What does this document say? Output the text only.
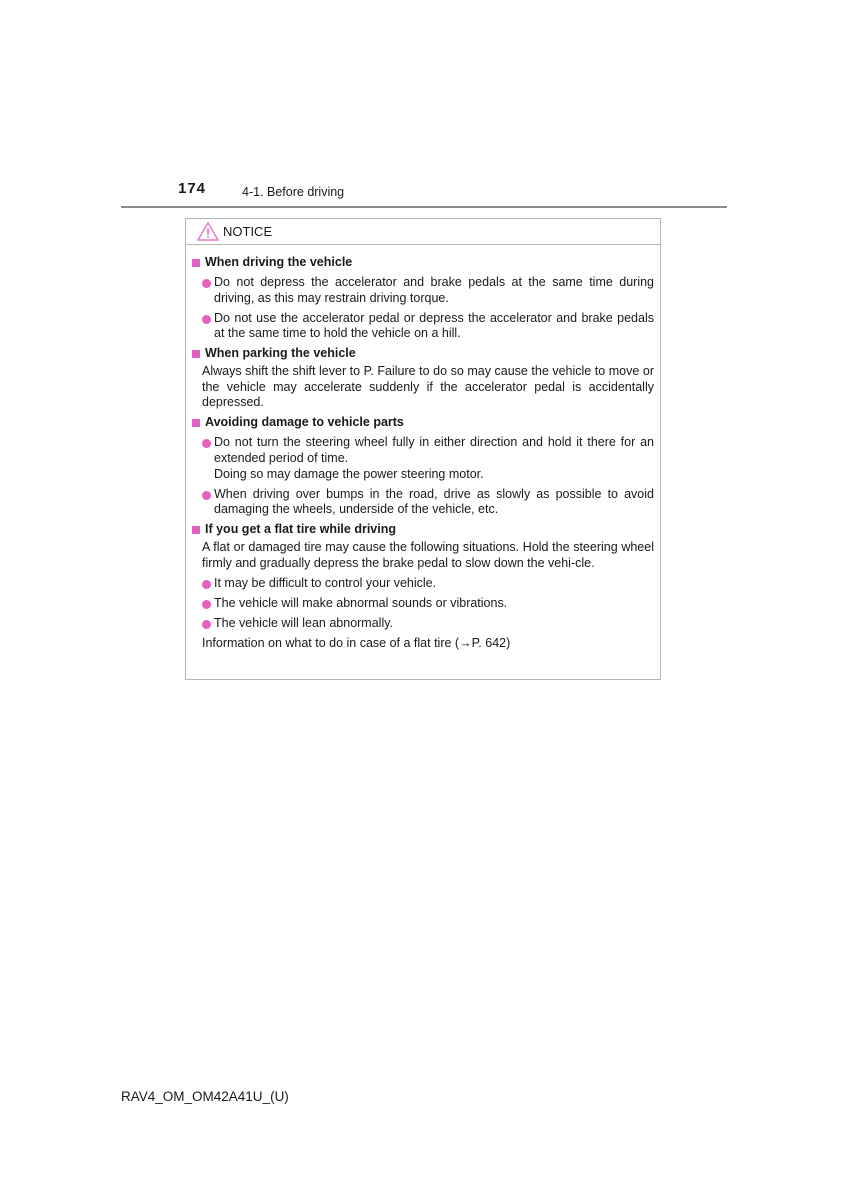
174	4-1. Before driving
NOTICE
When driving the vehicle
Do not depress the accelerator and brake pedals at the same time during driving, as this may restrain driving torque.
Do not use the accelerator pedal or depress the accelerator and brake pedals at the same time to hold the vehicle on a hill.
When parking the vehicle
Always shift the shift lever to P. Failure to do so may cause the vehicle to move or the vehicle may accelerate suddenly if the accelerator pedal is accidentally depressed.
Avoiding damage to vehicle parts
Do not turn the steering wheel fully in either direction and hold it there for an extended period of time.
Doing so may damage the power steering motor.
When driving over bumps in the road, drive as slowly as possible to avoid damaging the wheels, underside of the vehicle, etc.
If you get a flat tire while driving
A flat or damaged tire may cause the following situations. Hold the steering wheel firmly and gradually depress the brake pedal to slow down the vehi-cle.
It may be difficult to control your vehicle.
The vehicle will make abnormal sounds or vibrations.
The vehicle will lean abnormally.
Information on what to do in case of a flat tire (→P. 642)
RAV4_OM_OM42A41U_(U)
